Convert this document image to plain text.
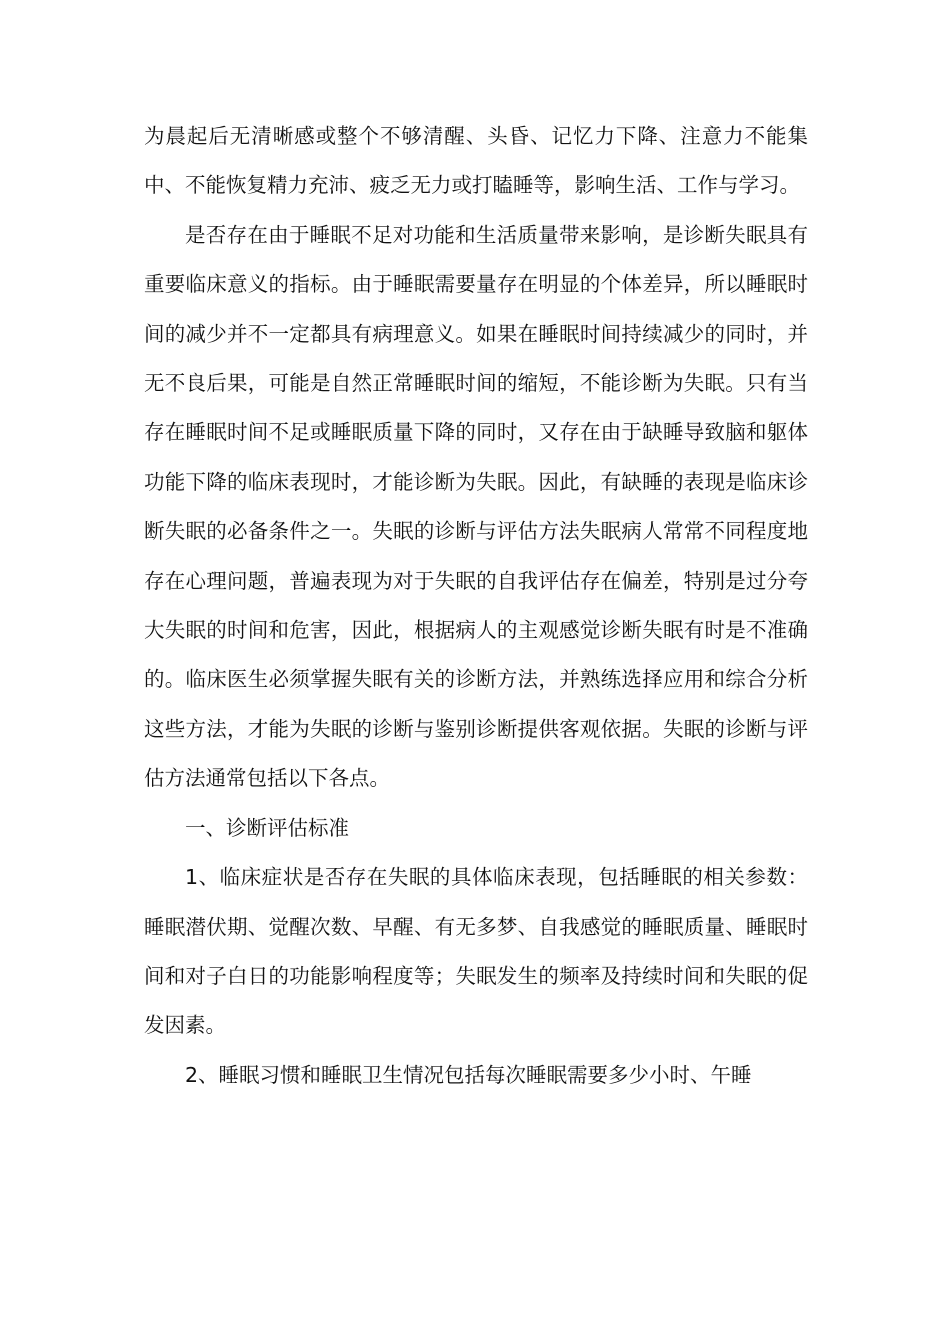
为晨起后无清晰感或整个不够清醒、头昏、记忆力下降、注意力不能集中、不能恢复精力充沛、疲乏无力或打瞌睡等，影响生活、工作与学习。

是否存在由于睡眠不足对功能和生活质量带来影响，是诊断失眠具有重要临床意义的指标。由于睡眠需要量存在明显的个体差异，所以睡眠时间的减少并不一定都具有病理意义。如果在睡眠时间持续减少的同时，并无不良后果，可能是自然正常睡眠时间的缩短，不能诊断为失眠。只有当存在睡眠时间不足或睡眠质量下降的同时，又存在由于缺睡导致脑和躯体功能下降的临床表现时，才能诊断为失眠。因此，有缺睡的表现是临床诊断失眠的必备条件之一。失眠的诊断与评估方法失眠病人常常不同程度地存在心理问题，普遍表现为对于失眠的自我评估存在偏差，特别是过分夸大失眠的时间和危害，因此，根据病人的主观感觉诊断失眠有时是不准确的。临床医生必须掌握失眠有关的诊断方法，并熟练选择应用和综合分析这些方法，才能为失眠的诊断与鉴别诊断提供客观依据。失眠的诊断与评估方法通常包括以下各点。

一、诊断评估标准

1、临床症状是否存在失眠的具体临床表现，包括睡眠的相关参数：睡眠潜伏期、觉醒次数、早醒、有无多梦、自我感觉的睡眠质量、睡眠时间和对子白日的功能影响程度等；失眠发生的频率及持续时间和失眠的促发因素。

2、睡眠习惯和睡眠卫生情况包括每次睡眠需要多少小时、午睡
